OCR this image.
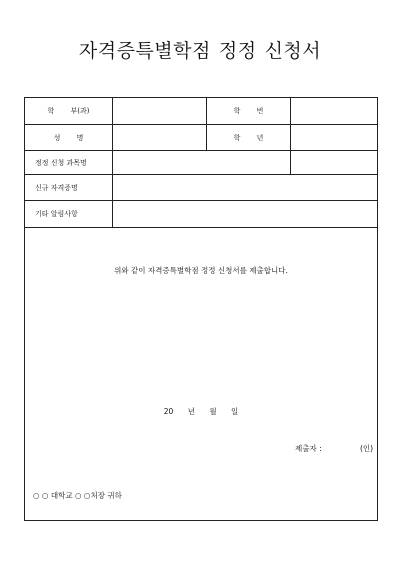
자격증특별학점 정정 신청서
학 부(과)	학 번
성 명	학 년
정정 신청 과목명
신규 자격증명
기타 알림사항
위와 같이 자격증특별학점 정정 신청서를 제출합니다.
20 년 월 일
제출자 :	(인)
○ ○ 대학교 ○ ○처장 귀하
